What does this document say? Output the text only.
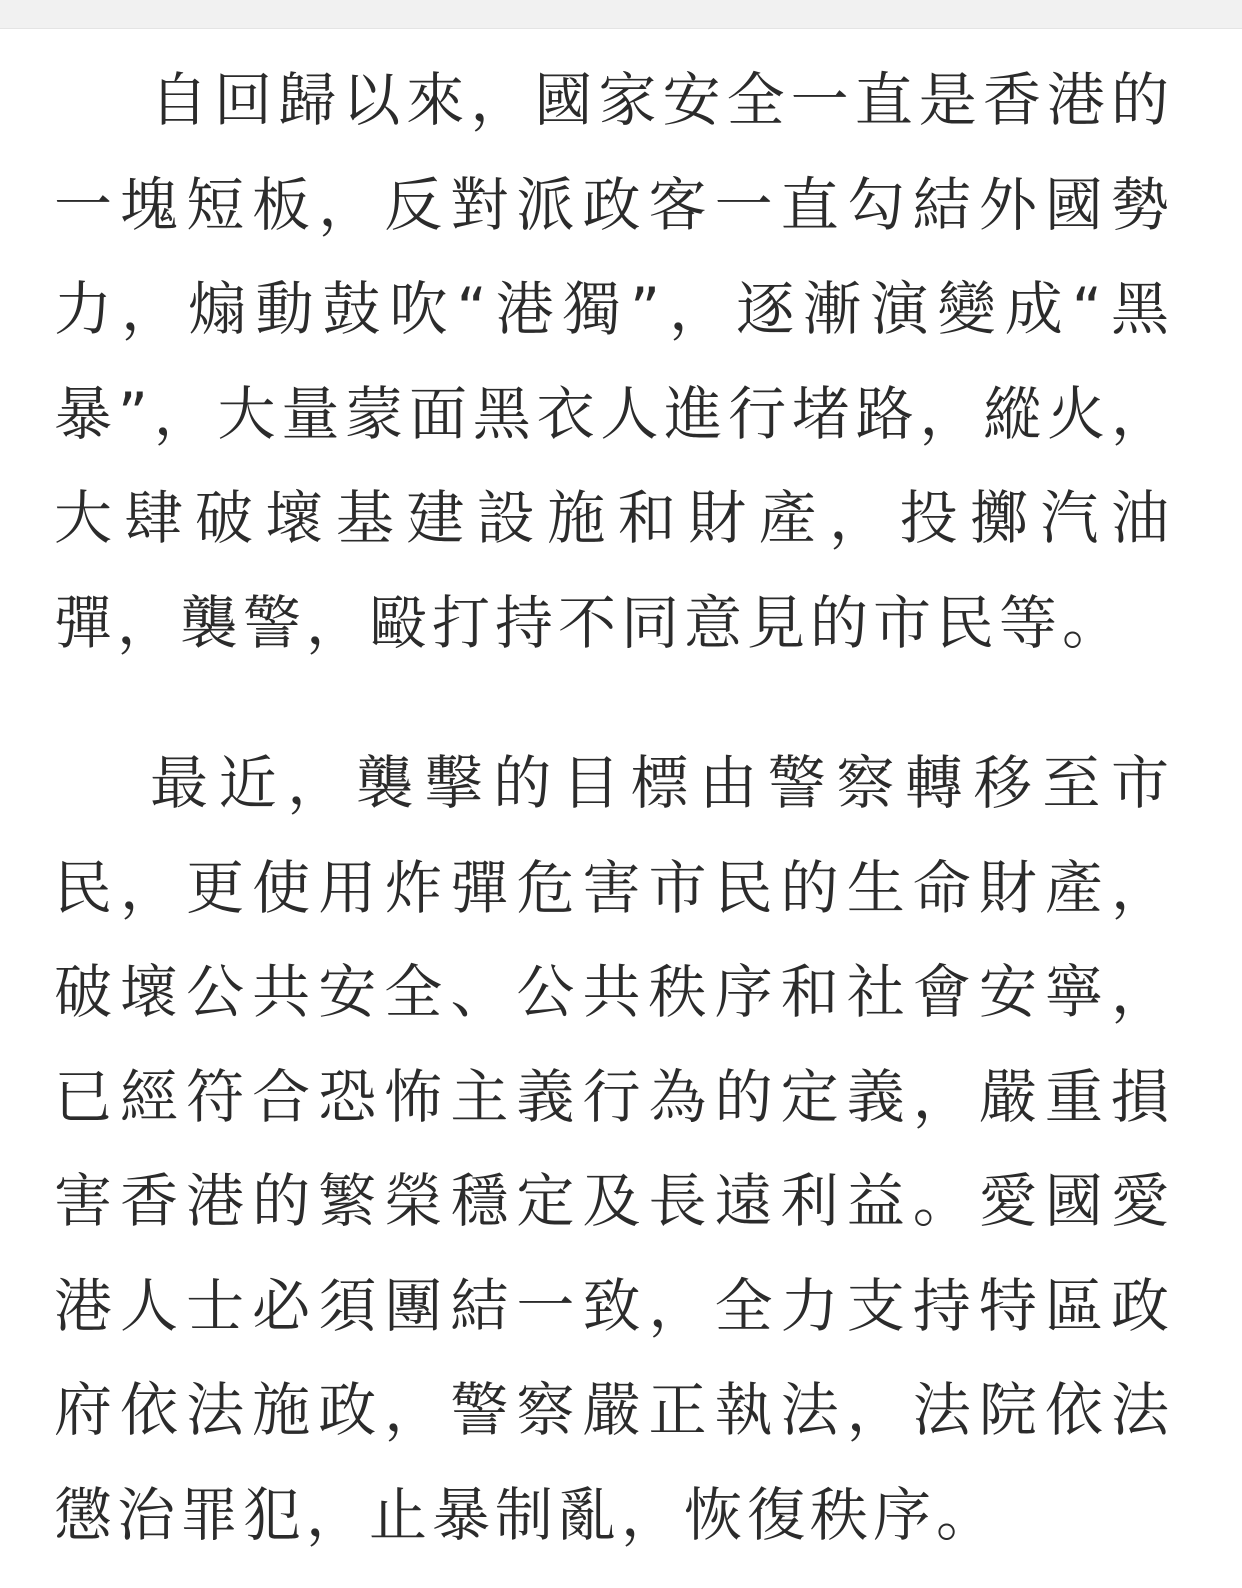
自回歸以來，國家安全一直是香港的一塊短板，反對派政客一直勾結外國勢力，煽動鼓吹“港獨”，逐漸演變成“黑暴”，大量蒙面黑衣人進行堵路，縱火，大肆破壞基建設施和財產，投擲汽油彈，襲警，毆打持不同意見的市民等。

最近，襲擊的目標由警察轉移至市民，更使用炸彈危害市民的生命財產，破壞公共安全、公共秩序和社會安寧，已經符合恐怖主義行為的定義，嚴重損害香港的繁榮穩定及長遠利益。愛國愛港人士必須團結一致，全力支持特區政府依法施政，警察嚴正執法，法院依法懲治罪犯，止暴制亂，恢復秩序。
